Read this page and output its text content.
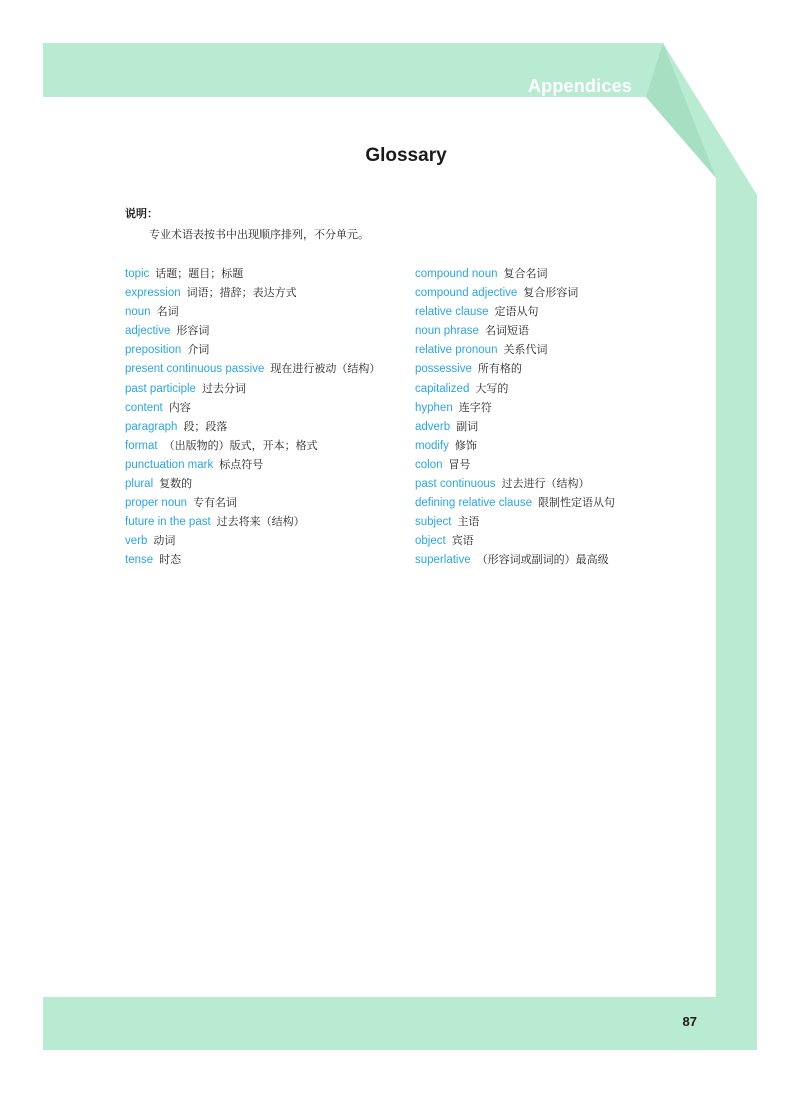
Appendices
Glossary
说明：
专业术语表按书中出现顺序排列，不分单元。
topic 话题；题目；标题
expression 词语；措辞；表达方式
noun 名词
adjective 形容词
preposition 介词
present continuous passive 现在进行被动（结构）
past participle 过去分词
content 内容
paragraph 段；段落
format （出版物的）版式，开本；格式
punctuation mark 标点符号
plural 复数的
proper noun 专有名词
future in the past 过去将来（结构）
verb 动词
tense 时态
compound noun 复合名词
compound adjective 复合形容词
relative clause 定语从句
noun phrase 名词短语
relative pronoun 关系代词
possessive 所有格的
capitalized 大写的
hyphen 连字符
adverb 副词
modify 修饰
colon 冒号
past continuous 过去进行（结构）
defining relative clause 限制性定语从句
subject 主语
object 宾语
superlative （形容词或副词的）最高级
87
